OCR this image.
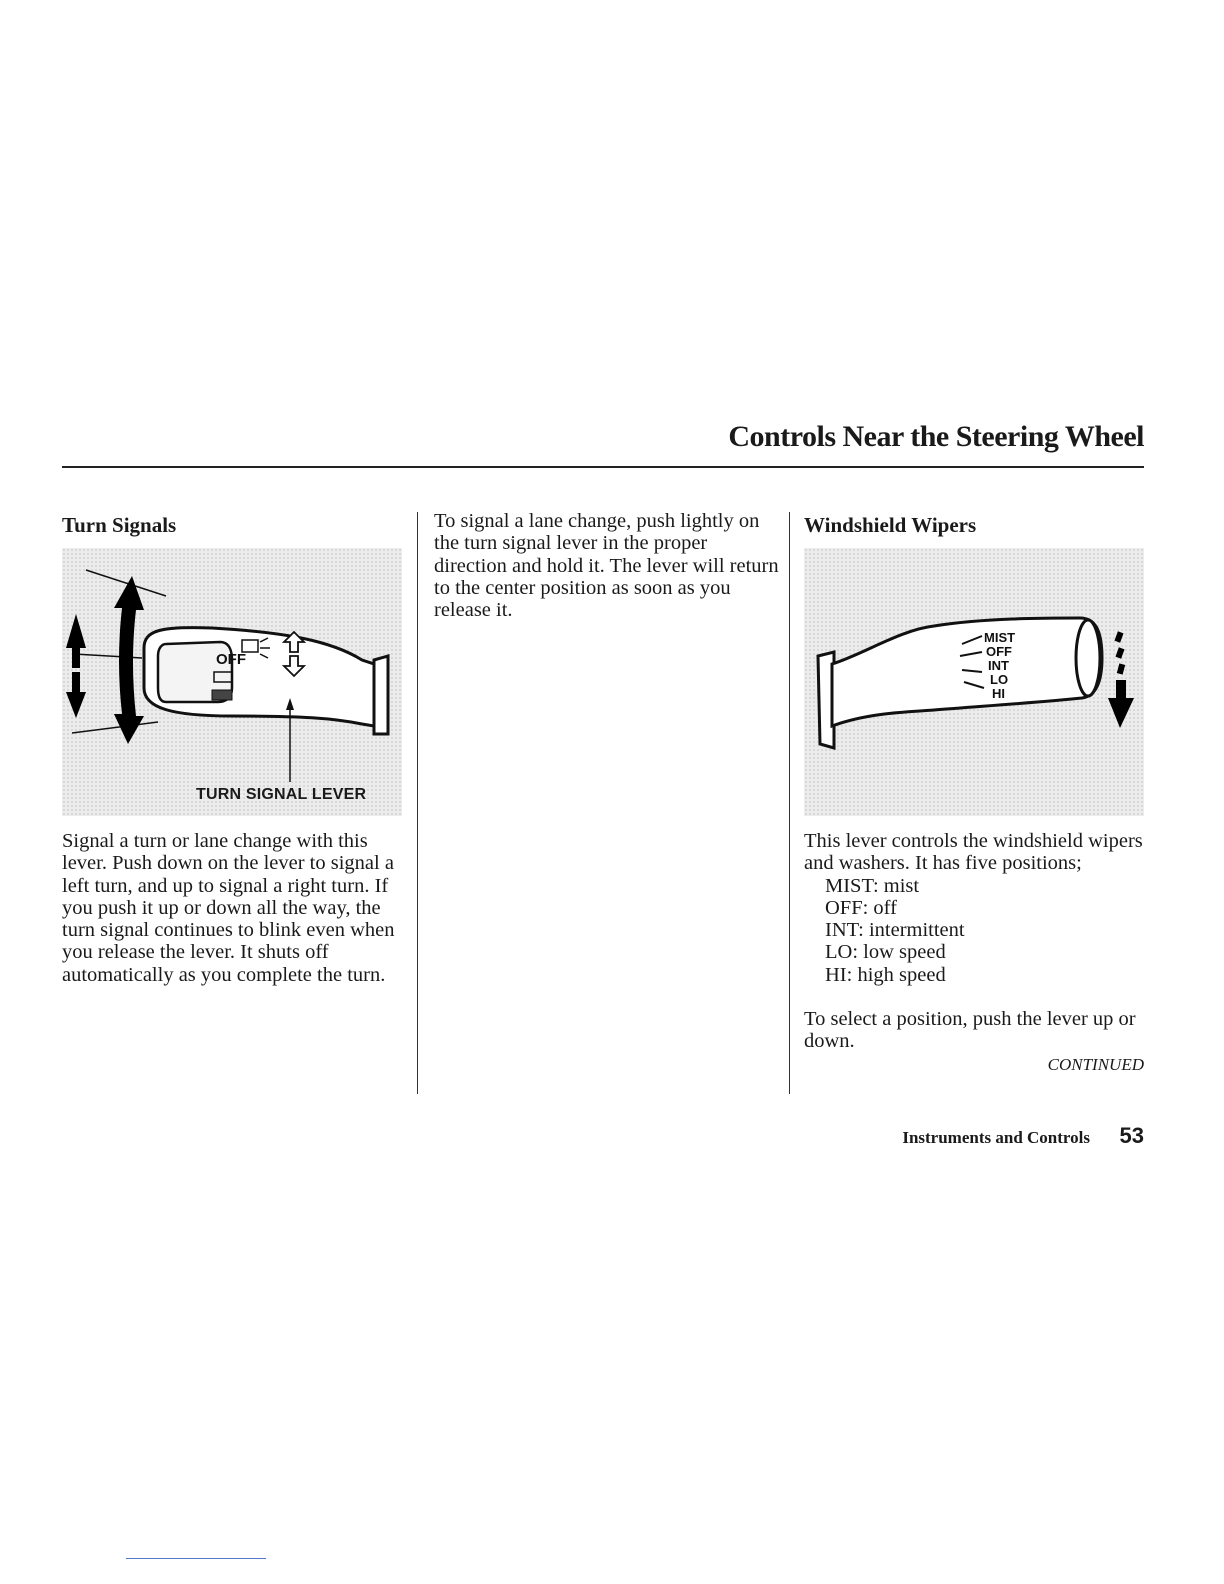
Controls Near the Steering Wheel
Turn Signals
OFF
TURN SIGNAL LEVER

Signal a turn or lane change with this lever. Push down on the lever to signal a left turn, and up to signal a right turn. If you push it up or down all the way, the turn signal continues to blink even when you release the lever. It shuts off automatically as you complete the turn.

To signal a lane change, push lightly on the turn signal lever in the proper direction and hold it. The lever will return to the center position as soon as you release it.

Windshield Wipers
MIST
OFF
INT
LO
HI

This lever controls the windshield wipers and washers. It has five positions;

MIST: mist
OFF: off
INT: intermittent
LO: low speed
HI: high speed

To select a position, push the lever up or down.

CONTINUED
Instruments and Controls 53
